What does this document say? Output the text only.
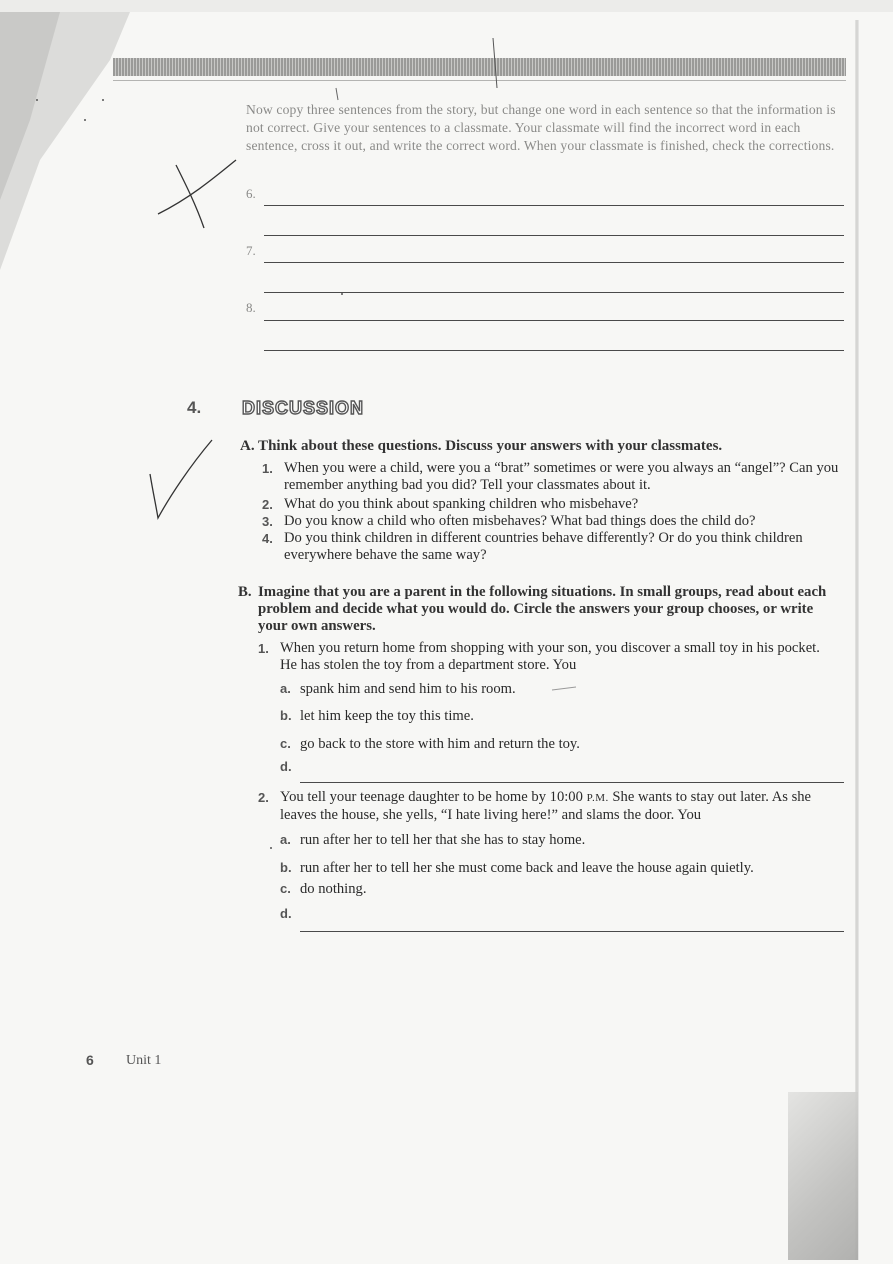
Now copy three sentences from the story, but change one word in each sentence so that the information is not correct. Give your sentences to a classmate. Your classmate will find the incorrect word in each sentence, cross it out, and write the correct word. When your classmate is finished, check the corrections.
6.
7.
8.
4. DISCUSSION
A. Think about these questions. Discuss your answers with your classmates.
1. When you were a child, were you a “brat” sometimes or were you always an “angel”? Can you remember anything bad you did? Tell your classmates about it.
2. What do you think about spanking children who misbehave?
3. Do you know a child who often misbehaves? What bad things does the child do?
4. Do you think children in different countries behave differently? Or do you think children everywhere behave the same way?
B. Imagine that you are a parent in the following situations. In small groups, read about each problem and decide what you would do. Circle the answers your group chooses, or write your own answers.
1. When you return home from shopping with your son, you discover a small toy in his pocket. He has stolen the toy from a department store. You
a. spank him and send him to his room.
b. let him keep the toy this time.
c. go back to the store with him and return the toy.
d.
2. You tell your teenage daughter to be home by 10:00 P.M. She wants to stay out later. As she leaves the house, she yells, “I hate living here!” and slams the door. You
a. run after her to tell her that she has to stay home.
b. run after her to tell her she must come back and leave the house again quietly.
c. do nothing.
d.
6 Unit 1
